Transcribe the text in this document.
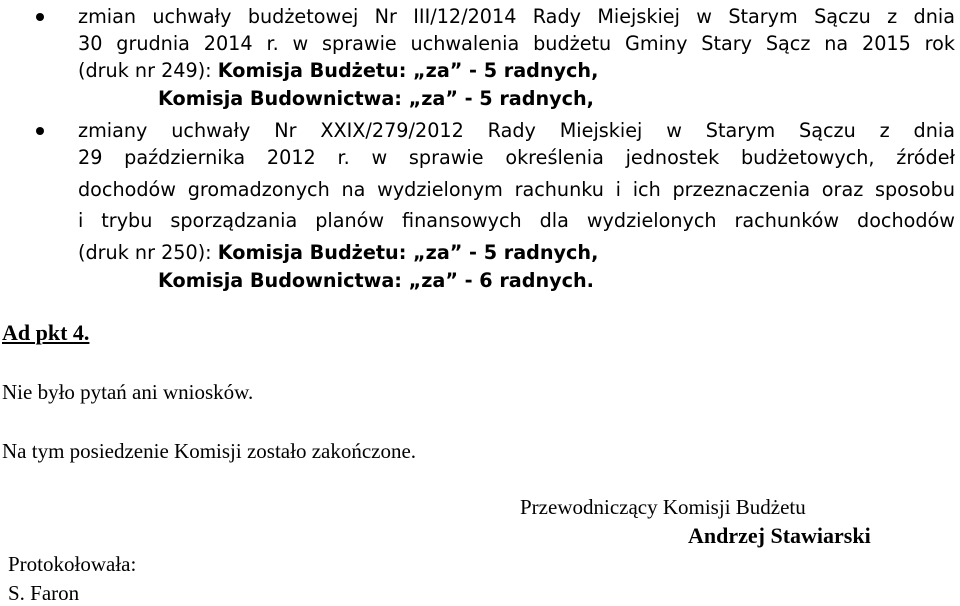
zmian uchwały budżetowej Nr III/12/2014 Rady Miejskiej w Starym Sączu z dnia
30 grudnia 2014 r. w sprawie uchwalenia budżetu Gminy Stary Sącz na 2015 rok
(druk nr 249): Komisja Budżetu: „za” - 5 radnych,
Komisja Budownictwa: „za” - 5 radnych,
zmiany uchwały Nr XXIX/279/2012 Rady Miejskiej w Starym Sączu z dnia
29 października 2012 r. w sprawie określenia jednostek budżetowych, źródeł
dochodów gromadzonych na wydzielonym rachunku i ich przeznaczenia oraz sposobu
i trybu sporządzania planów finansowych dla wydzielonych rachunków dochodów
(druk nr 250): Komisja Budżetu: „za” - 5 radnych,
Komisja Budownictwa: „za” - 6 radnych.
Ad pkt 4.
Nie było pytań ani wniosków.
Na tym posiedzenie Komisji zostało zakończone.
Przewodniczący Komisji Budżetu
Andrzej Stawiarski
Protokołowała:
S. Faron
